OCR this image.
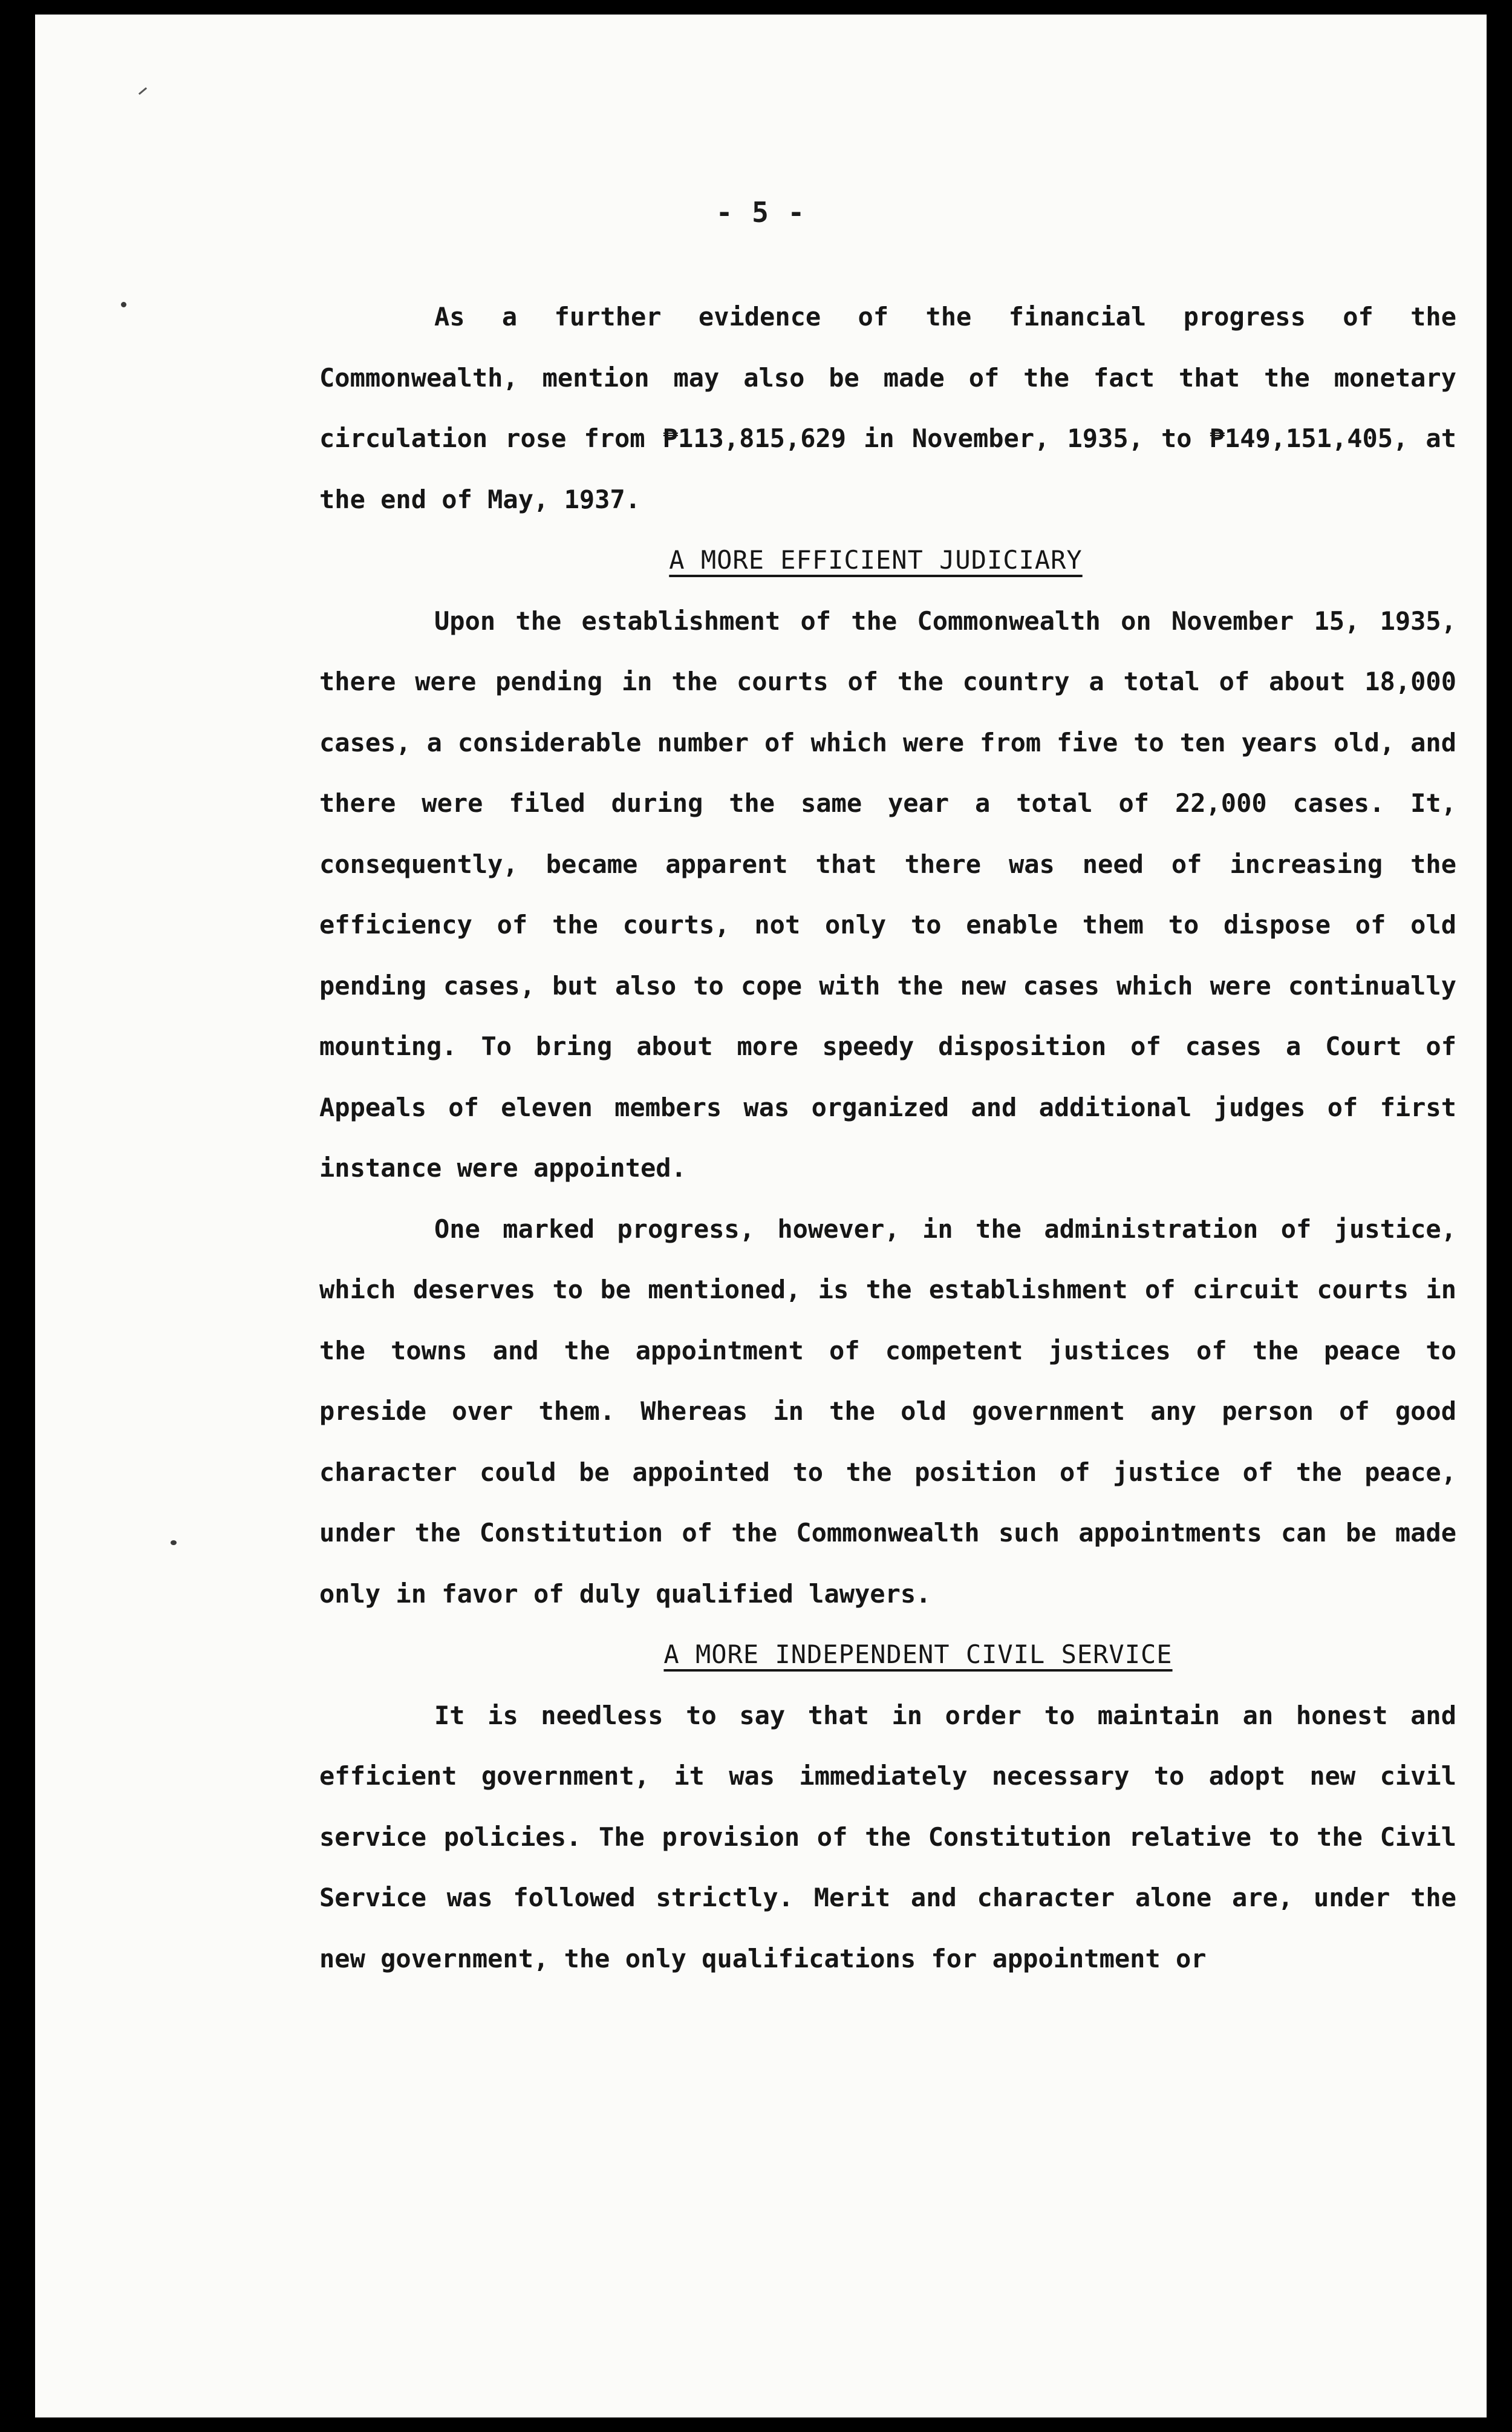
- 5 -

As a further evidence of the financial progress of the Commonwealth, mention may also be made of the fact that the monetary circulation rose from ₱113,815,629 in November, 1935, to ₱149,151,405, at the end of May, 1937.

A MORE EFFICIENT JUDICIARY

Upon the establishment of the Commonwealth on November 15, 1935, there were pending in the courts of the country a total of about 18,000 cases, a considerable number of which were from five to ten years old, and there were filed during the same year a total of 22,000 cases. It, consequently, became apparent that there was need of increasing the efficiency of the courts, not only to enable them to dispose of old pending cases, but also to cope with the new cases which were continually mounting. To bring about more speedy disposition of cases a Court of Appeals of eleven members was organized and additional judges of first instance were appointed.

One marked progress, however, in the administration of justice, which deserves to be mentioned, is the establishment of circuit courts in the towns and the appointment of competent justices of the peace to preside over them. Whereas in the old government any person of good character could be appointed to the position of justice of the peace, under the Constitution of the Commonwealth such appointments can be made only in favor of duly qualified lawyers.

A MORE INDEPENDENT CIVIL SERVICE

It is needless to say that in order to maintain an honest and efficient government, it was immediately necessary to adopt new civil service policies. The provision of the Constitution relative to the Civil Service was followed strictly. Merit and character alone are, under the new government, the only qualifications for appointment or
